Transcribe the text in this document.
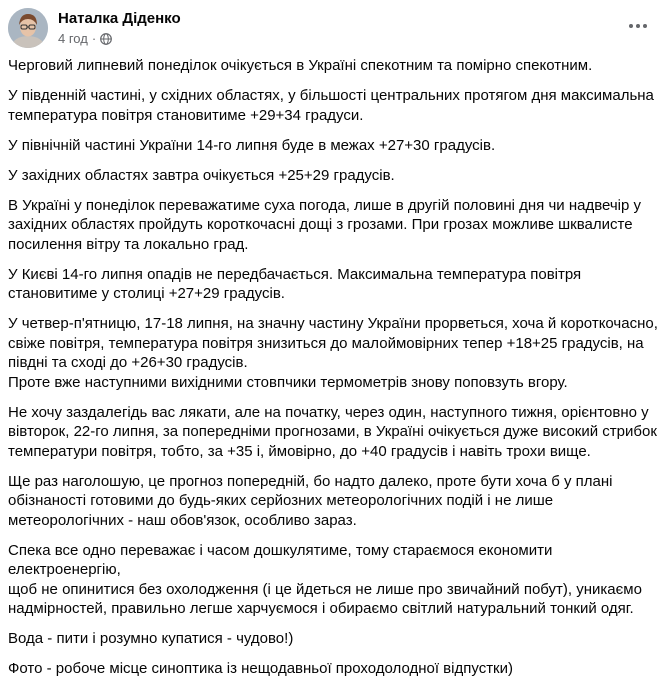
Наталка Діденко
4 год ·

Черговий липневий понеділок очікується в Україні спекотним та помірно спекотним.

У південній частині, у східних областях, у більшості центральних протягом дня максимальна
температура повітря становитиме +29+34 градуси.

У північній частині України 14-го липня буде в межах +27+30 градусів.

У західних областях завтра очікується +25+29 градусів.

В Україні у понеділок переважатиме суха погода, лише в другій половині дня чи надвечір у
західних областях пройдуть короткочасні дощі з грозами. При грозах можливе шквалисте
посилення вітру та локально град.

У Києві 14-го липня опадів не передбачається. Максимальна температура повітря
становитиме у столиці +27+29 градусів.

У четвер-п'ятницю, 17-18 липня, на значну частину України прорветься, хоча й короткочасно,
свіже повітря, температура повітря знизиться до малоймовірних тепер +18+25 градусів, на
півдні та сході до +26+30 градусів.
Проте вже наступними вихідними стовпчики термометрів знову поповзуть вгору.

Не хочу заздалегідь вас лякати, але на початку, через один, наступного тижня, орієнтовно у
вівторок, 22-го липня, за попередніми прогнозами, в Україні очікується дуже високий стрибок
температури повітря, тобто, за +35 і, ймовірно, до +40 градусів і навіть трохи вище.

Ще раз наголошую, це прогноз попередній, бо надто далеко, проте бути хоча б у плані
обізнаності готовими до будь-яких серйозних метеорологічних подій і не лише
метеорологічних - наш обов'язок, особливо зараз.

Спека все одно переважає і часом дошкулятиме, тому стараємося економити електроенергію,
щоб не опинитися без охолодження (і це йдеться не лише про звичайний побут), уникаємо
надмірностей, правильно легше харчуємося і обираємо світлий натуральний тонкий одяг.

Вода - пити і розумно купатися - чудово!)

Фото - робоче місце синоптика із нещодавньої проходолодної відпустки)
